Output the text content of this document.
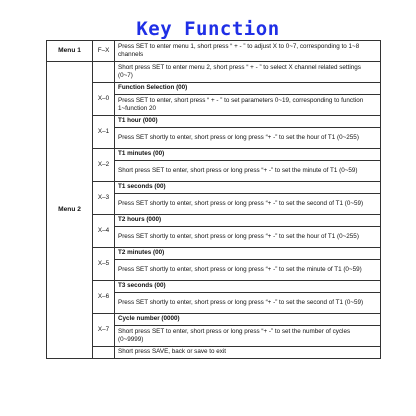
Key Function
Menu 1	F–X	Press SET to enter menu 1, short press “ + - ” to adjust X to 0~7, corresponding to 1~8 channels
Menu 2		Short press SET to enter menu 2, short press “ + - ” to select X channel related settings (0~7)
	X–0	Function Selection (00)
		Press SET to enter, short press “ + - ” to set parameters 0~19, corresponding to function 1~function 20
	X–1	T1 hour (000)
		Press SET shortly to enter, short press or long press “+ -” to set the hour of T1 (0~255)
	X–2	T1 minutes (00)
		Short press SET to enter, short press or long press “+ -” to set the minute of T1 (0~59)
	X–3	T1 seconds (00)
		Press SET shortly to enter, short press or long press “+ -” to set the second of T1 (0~59)
	X–4	T2 hours (000)
		Press SET shortly to enter, short press or long press “+ -” to set the hour of T1 (0~255)
	X–5	T2 minutes (00)
		Press SET shortly to enter, short press or long press “+ -” to set the minute of T1 (0~59)
	X–6	T3 seconds (00)
		Press SET shortly to enter, short press or long press “+ -” to set the second of T1 (0~59)
	X–7	Cycle number (0000)
		Short press SET to enter, short press or long press “+ -” to set the number of cycles (0~9999)
		Short press SAVE, back or save to exit
